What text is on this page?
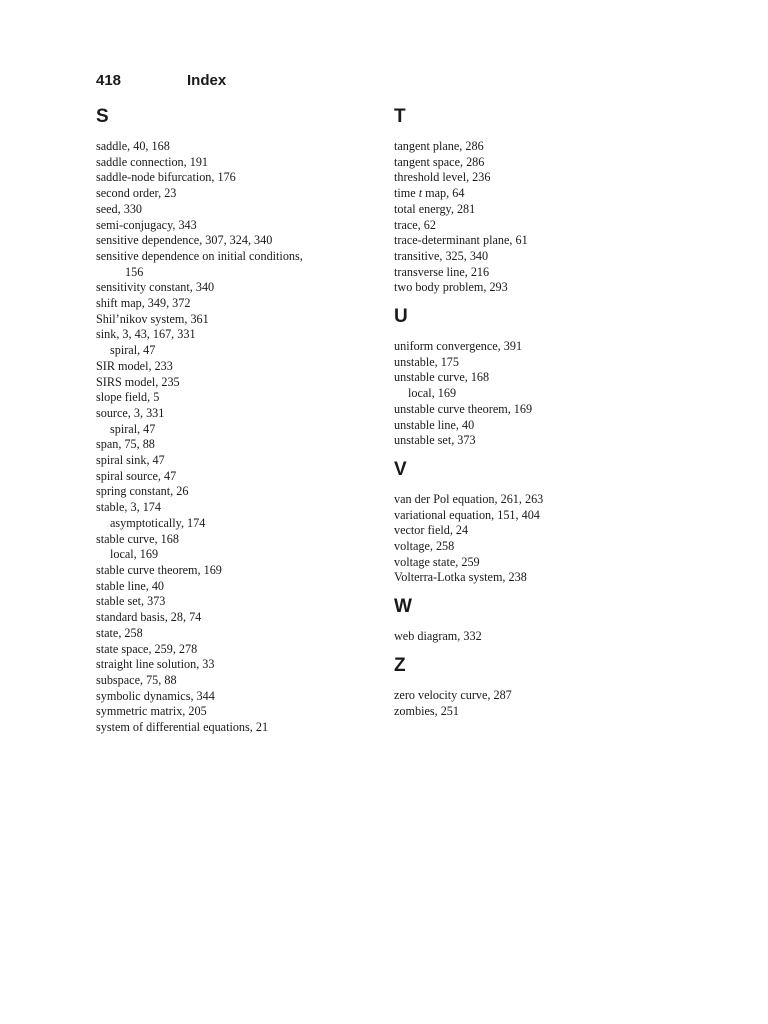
418	Index
S
saddle, 40, 168
saddle connection, 191
saddle-node bifurcation, 176
second order, 23
seed, 330
semi-conjugacy, 343
sensitive dependence, 307, 324, 340
sensitive dependence on initial conditions,
156
sensitivity constant, 340
shift map, 349, 372
Shil’nikov system, 361
sink, 3, 43, 167, 331
spiral, 47
SIR model, 233
SIRS model, 235
slope field, 5
source, 3, 331
spiral, 47
span, 75, 88
spiral sink, 47
spiral source, 47
spring constant, 26
stable, 3, 174
asymptotically, 174
stable curve, 168
local, 169
stable curve theorem, 169
stable line, 40
stable set, 373
standard basis, 28, 74
state, 258
state space, 259, 278
straight line solution, 33
subspace, 75, 88
symbolic dynamics, 344
symmetric matrix, 205
system of differential equations, 21
T
tangent plane, 286
tangent space, 286
threshold level, 236
time t map, 64
total energy, 281
trace, 62
trace-determinant plane, 61
transitive, 325, 340
transverse line, 216
two body problem, 293
U
uniform convergence, 391
unstable, 175
unstable curve, 168
local, 169
unstable curve theorem, 169
unstable line, 40
unstable set, 373
V
van der Pol equation, 261, 263
variational equation, 151, 404
vector field, 24
voltage, 258
voltage state, 259
Volterra-Lotka system, 238
W
web diagram, 332
Z
zero velocity curve, 287
zombies, 251
